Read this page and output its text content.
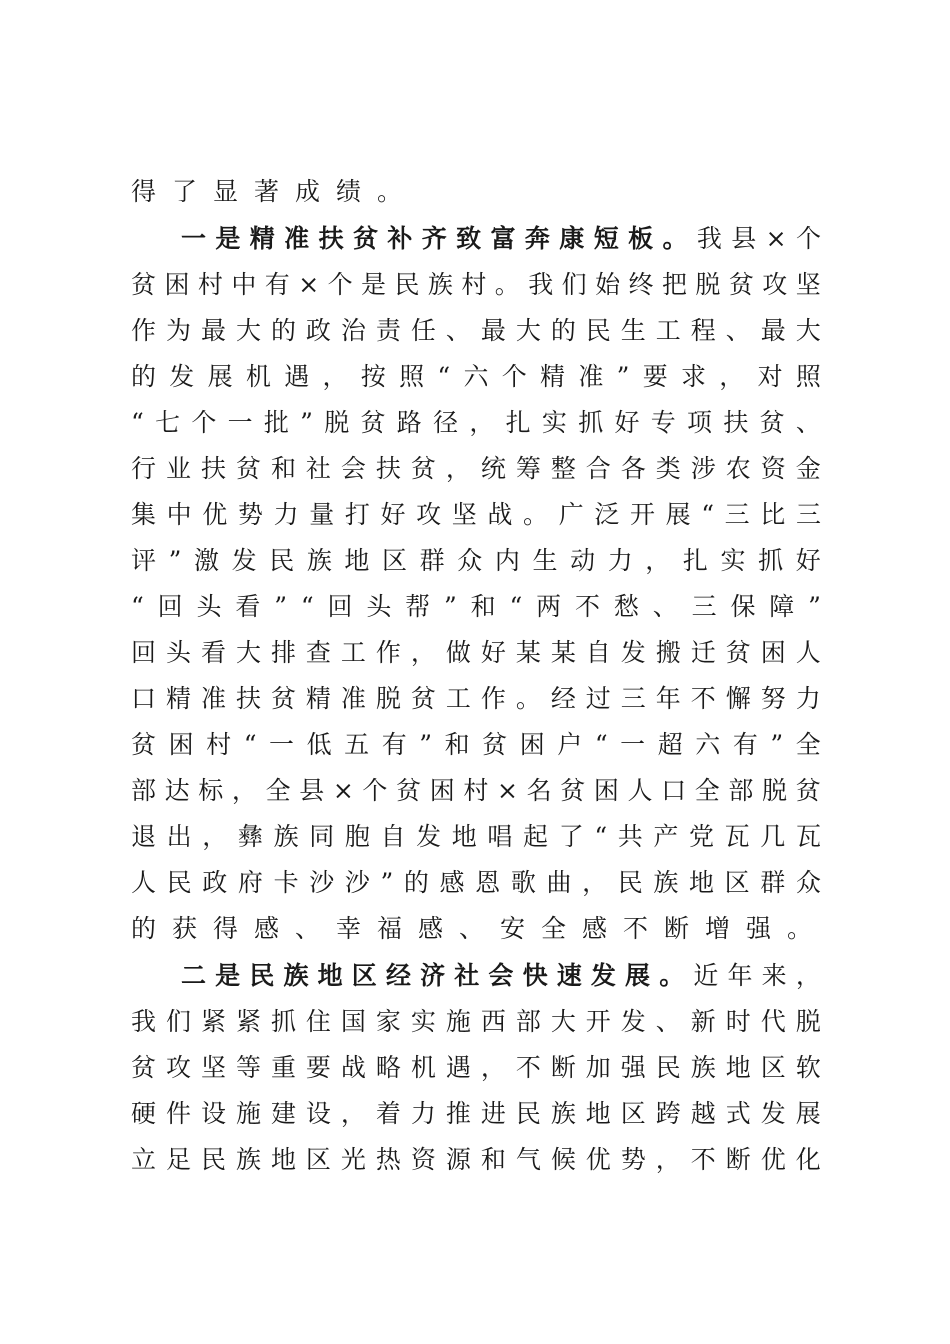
得了显著成绩。
一 是 精 准 扶 贫 补 齐 致 富 奔 康 短 板 。 我 县 × 个
贫 困 村 中 有 × 个 是 民 族 村 。 我 们 始 终 把 脱 贫 攻 坚
作 为 最 大 的 政 治 责 任 、 最 大 的 民 生 工 程 、 最 大
的 发 展 机 遇 ， 按 照 “ 六 个 精 准 ” 要 求 ， 对 照
“ 七 个 一 批 ” 脱 贫 路 径 ， 扎 实 抓 好 专 项 扶 贫 、
行 业 扶 贫 和 社 会 扶 贫 ， 统 筹 整 合 各 类 涉 农 资 金
集 中 优 势 力 量 打 好 攻 坚 战 。 广 泛 开 展 “ 三 比 三
评 ” 激 发 民 族 地 区 群 众 内 生 动 力 ， 扎 实 抓 好
“ 回 头 看 ” “ 回 头 帮 ” 和 “ 两 不 愁 、 三 保 障 ”
回 头 看 大 排 查 工 作 ， 做 好 某 某 自 发 搬 迁 贫 困 人
口 精 准 扶 贫 精 准 脱 贫 工 作 。 经 过 三 年 不 懈 努 力
贫 困 村 “ 一 低 五 有 ” 和 贫 困 户 “ 一 超 六 有 ” 全
部 达 标 ， 全 县 × 个 贫 困 村 × 名 贫 困 人 口 全 部 脱 贫
退 出 ， 彝 族 同 胞 自 发 地 唱 起 了 “ 共 产 党 瓦 几 瓦
人 民 政 府 卡 沙 沙 ” 的 感 恩 歌 曲 ， 民 族 地 区 群 众
的获得感、幸福感、安全感不断增强。
二 是 民 族 地 区 经 济 社 会 快 速 发 展 。 近 年 来 ，
我 们 紧 紧 抓 住 国 家 实 施 西 部 大 开 发 、 新 时 代 脱
贫 攻 坚 等 重 要 战 略 机 遇 ， 不 断 加 强 民 族 地 区 软
硬 件 设 施 建 设 ， 着 力 推 进 民 族 地 区 跨 越 式 发 展
立 足 民 族 地 区 光 热 资 源 和 气 候 优 势 ， 不 断 优 化
